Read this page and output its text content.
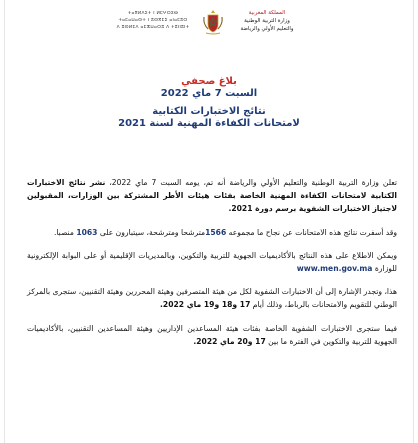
ⵜⴰⴳⵍⴷⵉⵜ ⵏ ⵍⵎⵖⵔⵉⴱ
ⵜⴰⵎⴰⵡⴰⵙⵜ ⵏ ⵓⵙⴳⵎⵉ ⴰⵏⴰⵎⵓⵔ
ⴷ ⵓⵙⵍⵎⴷ ⴰⵎⵣⵡⴰⵔⵓ ⴷ ⵜⵓⵏⵏⵓⵏⵜ
المملكة المغربية
وزارة التربية الوطنية
والتعليم الأولي والرياضة
بلاغ صحفي
السبت 7 ماي 2022
نتائج الاختبارات الكتابية
لامتحانات الكفاءة المهنية لسنة 2021

تعلن وزارة التربية الوطنية والتعليم الأولي والرياضة أنه تم، يومه السبت 7 ماي 2022، نشر نتائج الاختبارات الكتابية لامتحانات الكفاءة المهنية الخاصة بفئات هيئات الأطر المشتركة بين الوزارات، المقبولين لاجتياز الاختبارات الشفوية برسم دورة 2021.

وقد أسفرت نتائج هذه الامتحانات عن نجاح ما مجموعه 1566مترشحا ومترشحة، سيتبارون على 1063 منصبا.

ويمكن الاطلاع على هذه النتائج بالأكاديميات الجهوية للتربية والتكوين، وبالمديريات الإقليمية أو على البوابة الإلكترونية للوزارة www.men.gov.ma

هذا، وتجدر الإشارة إلى أن الاختبارات الشفوية لكل من هيئة المتصرفين وهيئة المحررين وهيئة التقنيين، ستجرى بالمركز الوطني للتقويم والامتحانات بالرباط، وذلك أيام 17 و18 و19 ماي 2022.

فيما ستجرى الاختبارات الشفوية الخاصة بفئات هيئة المساعدين الإداريين وهيئة المساعدين التقنيين، بالأكاديميات الجهوية للتربية والتكوين في الفترة ما بين 17 و20 ماي 2022.
